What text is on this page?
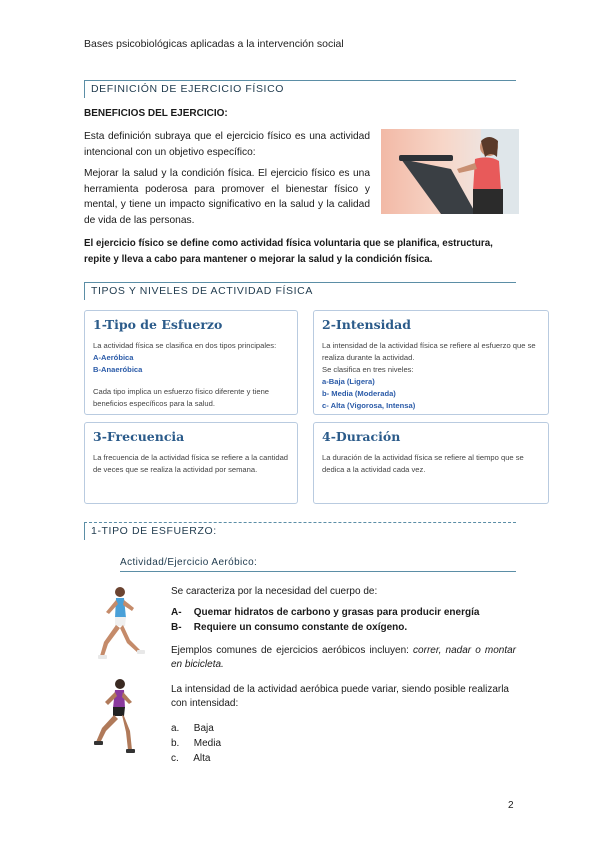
Bases psicobiológicas aplicadas a la intervención social
DEFINICIÓN DE EJERCICIO FÍSICO
BENEFICIOS DEL EJERCICIO:
Esta definición subraya que el ejercicio físico es una actividad intencional con un objetivo específico:
Mejorar la salud y la condición física. El ejercicio físico es una herramienta poderosa para promover el bienestar físico y mental, y tiene un impacto significativo en la salud y la calidad de vida de las personas.
El ejercicio físico se define como actividad física voluntaria que se planifica, estructura, repite y lleva a cabo para mantener o mejorar la salud y la condición física.
TIPOS Y NIVELES DE ACTIVIDAD FÍSICA
1-Tipo de Esfuerzo
La actividad física se clasifica en dos tipos principales:
A-Aeróbica
B-Anaeróbica
Cada tipo implica un esfuerzo físico diferente y tiene beneficios específicos para la salud.
2-Intensidad
La intensidad de la actividad física se refiere al esfuerzo que se realiza durante la actividad.
Se clasifica en tres niveles:
a-Baja (Ligera)
b- Media (Moderada)
c- Alta (Vigorosa, Intensa)
3-Frecuencia
La frecuencia de la actividad física se refiere a la cantidad de veces que se realiza la actividad por semana.
4-Duración
La duración de la actividad física se refiere al tiempo que se dedica a la actividad cada vez.
1-TIPO DE ESFUERZO:
Actividad/Ejercicio Aeróbico:
Se caracteriza por la necesidad del cuerpo de:
A- Quemar hidratos de carbono y grasas para producir energía
B- Requiere un consumo constante de oxígeno.
Ejemplos comunes de ejercicios aeróbicos incluyen: correr, nadar o montar en bicicleta.
La intensidad de la actividad aeróbica puede variar, siendo posible realizarla con intensidad:
a. Baja
b. Media
c. Alta
2
